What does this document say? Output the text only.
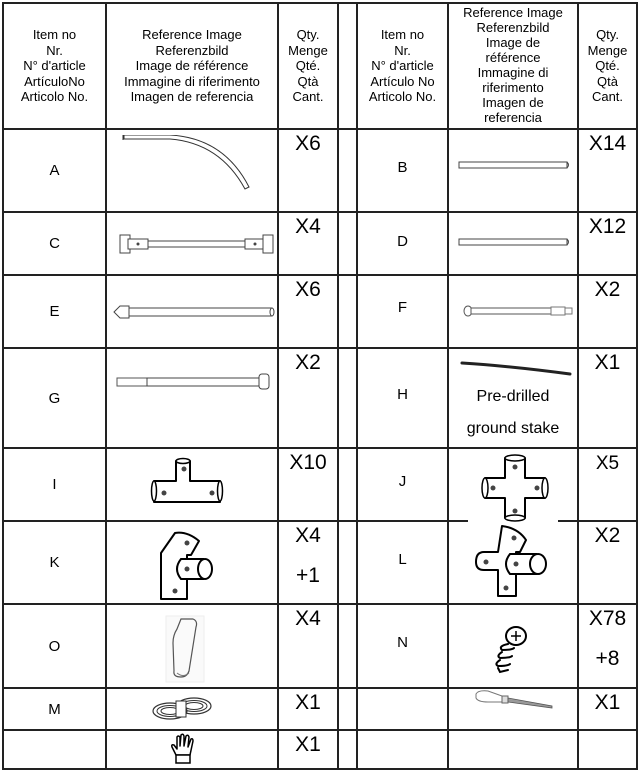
Item no
Nr.
N° d'article
ArtículoNo
Articolo No.
Reference Image
Referenzbild
Image de référence
Immagine di riferimento
Imagen de referencia
Qty.
Menge
Qté.
Qtà
Cant.
Item no
Nr.
N° d'article
Artículo No
Articolo No.
Reference Image
Referenzbild
Image de
référence
Immagine di
riferimento
Imagen de
referencia
Qty.
Menge
Qté.
Qtà
Cant.
A
C
E
G
I
K
O
M
B
D
F
H
J
L
N
X6
X4
X6
X2
X10
X4
+1
X4
X1
X1
X14
X12
X2
X1
X5
X2
X78
+8
X1
Pre-drilled
ground stake
